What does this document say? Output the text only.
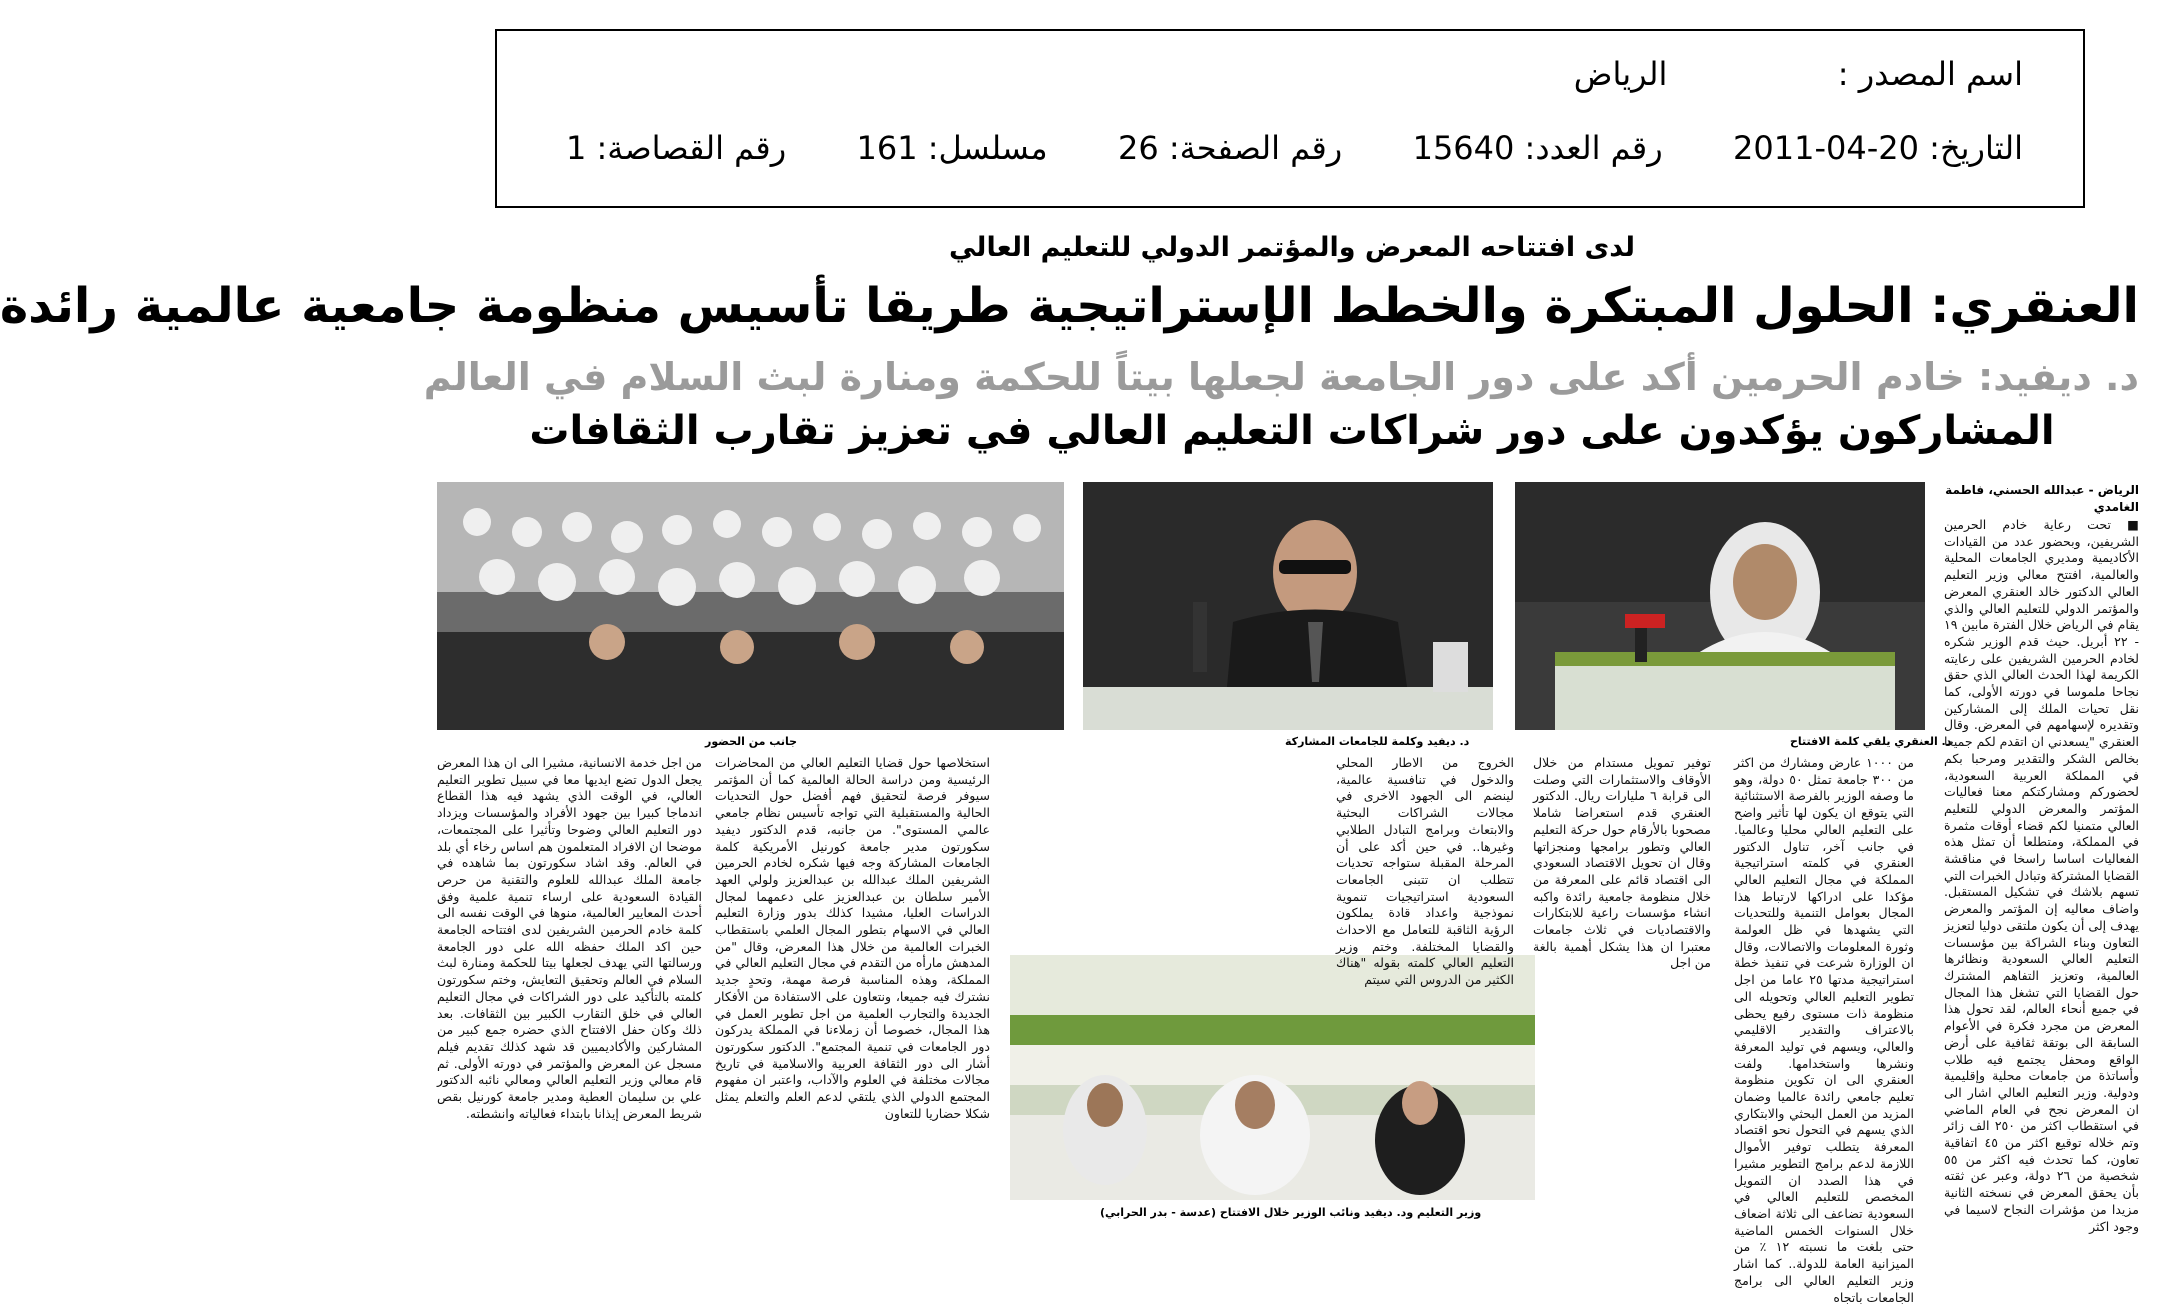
اسم المصدر :  الرياض
التاريخ: 20-04-2011  رقم العدد: 15640  رقم الصفحة: 26  مسلسل: 161  رقم القصاصة: 1
لدى افتتاحه المعرض والمؤتمر الدولي للتعليم العالي
العنقري: الحلول المبتكرة والخطط الإستراتيجية طريقا تأسيس منظومة جامعية عالمية رائدة
د. ديفيد: خادم الحرمين أكد على دور الجامعة لجعلها بيتاً للحكمة ومنارة لبث السلام في العالم
المشاركون يؤكدون على دور شراكات التعليم العالي في تعزيز تقارب الثقافات
د. العنقري يلقي كلمة الافتتاح
د. ديفيد وكلمة للجامعات المشاركة
جانب من الحضور
وزير التعليم ود. ديفيد ونائب الوزير خلال الافتتاح (عدسة - بدر الحرابي)
الرياض - عبدالله الحسني، فاطمة الغامدي

■ تحت رعاية خادم الحرمين الشريفين، وبحضور عدد من القيادات الأكاديمية ومديري الجامعات المحلية والعالمية، افتتح معالي وزير التعليم العالي الدكتور خالد العنقري المعرض والمؤتمر الدولي للتعليم العالي والذي يقام في الرياض خلال الفترة مابين ١٩ - ٢٢ أبريل. حيث قدم الوزير شكره لخادم الحرمين الشريفين على رعايته الكريمة لهذا الحدث العالي الذي حقق نجاحا ملموسا في دورته الأولى، كما نقل تحيات الملك إلى المشاركين وتقديره لإسهامهم في المعرض. وقال العنقري "يسعدني ان اتقدم لكم جميعا بخالص الشكر والتقدير ومرحبا بكم في المملكة العربية السعودية، لحضوركم ومشاركتكم معنا فعاليات المؤتمر والمعرض الدولي للتعليم العالي متمنيا لكم قضاء أوقات مثمرة في المملكة، ومتطلعا أن تمثل هذه الفعاليات اساسا راسخا في مناقشة القضايا المشتركة وتبادل الخبرات التي تسهم بلاشك في تشكيل المستقبل. واضاف معاليه إن المؤتمر والمعرض يهدف إلى أن يكون ملتقى دوليا لتعزيز التعاون وبناء الشراكة بين مؤسسات التعليم العالي السعودية ونظائرها العالمية، وتعزيز التفاهم المشترك حول القضايا التي تشغل هذا المجال في جميع أنحاء العالم، لقد تحول هذا المعرض من مجرد فكرة في الأعوام السابقة الى بوتقة ثقافية على أرض الواقع ومحفل يجتمع فيه طلاب وأساتذة من جامعات محلية وإقليمية ودولية. وزير التعليم العالي اشار الى ان المعرض نجح في العام الماضي في استقطاب اكثر من ٢٥٠ الف زائر وتم خلاله توقيع اكثر من ٤٥ اتفاقية تعاون، كما تحدث فيه اكثر من ٥٥ شخصية من ٢٦ دولة، وعبر عن ثقته بأن يحقق المعرض في نسخته الثانية مزيدا من مؤشرات النجاح لاسيما في وجود اكثر

من ١٠٠٠ عارض ومشارك من اكثر من ٣٠٠ جامعة تمثل ٥٠ دولة، وهو ما وصفه الوزير بالفرصة الاستثنائية التي يتوقع ان يكون لها تأثير واضح على التعليم العالي محليا وعالميا. في جانب آخر، تناول الدكتور العنقري في كلمته استراتيجية المملكة في مجال التعليم العالي مؤكدا على ادراكها لارتباط هذا المجال بعوامل التنمية وللتحديات التي يشهدها في ظل العولمة وثورة المعلومات والاتصالات، وقال ان الوزارة شرعت في تنفيذ خطة استراتيجية مدتها ٢٥ عاما من اجل تطوير التعليم العالي وتحويله الى منظومة ذات مستوى رفيع يحظى بالاعتراف والتقدير الاقليمي والعالي، ويسهم في توليد المعرفة ونشرها واستخدامها. ولفت العنقري الى ان تكوين منظومة تعليم جامعي رائدة عالميا وضمان المزيد من العمل البحثي والابتكاري الذي يسهم في التحول نحو اقتصاد المعرفة يتطلب توفير الأموال اللازمة لدعم برامج التطوير مشيرا في هذا الصدد ان التمويل المخصص للتعليم العالي في السعودية تضاعف الى ثلاثة اضعاف خلال السنوات الخمس الماضية حتى بلغت ما نسبته ١٢ ٪ من الميزانية العامة للدولة.. كما اشار وزير التعليم العالي الى برامج الجامعات باتجاه

توفير تمويل مستدام من خلال الأوقاف والاستثمارات التي وصلت الى قرابة ٦ مليارات ريال. الدكتور العنقري قدم استعراضا شاملا مصحوبا بالأرقام حول حركة التعليم العالي وتطور برامجها ومنجزاتها وقال ان تحويل الاقتصاد السعودي الى اقتصاد قائم على المعرفة من خلال منظومة جامعية رائدة واكبه انشاء مؤسسات راعية للابتكارات والاقتصاديات في ثلاث جامعات معتبرا ان هذا يشكل أهمية بالغة من اجل

الخروج من الاطار المحلي والدخول في تنافسية عالمية، لينضم الى الجهود الاخرى في مجالات الشراكات البحثية والابتعاث وبرامج التبادل الطلابي وغيرها.. في حين أكد على أن المرحلة المقبلة ستواجه تحديات تتطلب ان تتبنى الجامعات السعودية استراتيجيات تنموية نموذجية واعداد قادة يملكون الرؤية الثاقبة للتعامل مع الاحداث والقضايا المختلفة. وختم وزير التعليم العالي كلمته بقوله "هناك الكثير من الدروس التي سيتم

استخلاصها حول قضايا التعليم العالي من المحاضرات الرئيسية ومن دراسة الحالة العالمية كما أن المؤتمر سيوفر فرصة لتحقيق فهم أفضل حول التحديات الحالية والمستقبلية التي تواجه تأسيس نظام جامعي عالمي المستوى". من جانبه، قدم الدكتور ديفيد سكورتون مدير جامعة كورنيل الأمريكية كلمة الجامعات المشاركة وجه فيها شكره لخادم الحرمين الشريفين الملك عبدالله بن عبدالعزيز ولولي العهد الأمير سلطان بن عبدالعزيز على دعمهما لمجال الدراسات العليا، مشيدا كذلك بدور وزارة التعليم العالي في الاسهام بتطور المجال العلمي باستقطاب الخبرات العالمية من خلال هذا المعرض، وقال "من المدهش مارأه من التقدم في مجال التعليم العالي في المملكة، وهذه المناسبة فرصة مهمة، وتحدٍ جديد نشترك فيه جميعا، ونتعاون على الاستفادة من الأفكار الجديدة والتجارب العلمية من اجل تطوير العمل في هذا المجال، خصوصا أن زملاءنا في المملكة يدركون دور الجامعات في تنمية المجتمع". الدكتور سكورتون أشار الى دور الثقافة العربية والاسلامية في تاريخ مجالات مختلفة في العلوم والآداب، واعتبر ان مفهوم المجتمع الدولي الذي يلتقي لدعم العلم والتعلم يمثل شكلا حضاريا للتعاون

من اجل خدمة الانسانية، مشيرا الى ان هذا المعرض يجعل الدول تضع ايديها معا في سبيل تطوير التعليم العالي، في الوقت الذي يشهد فيه هذا القطاع اندماجا كبيرا بين جهود الأفراد والمؤسسات ويزداد دور التعليم العالي وضوحا وتأثيرا على المجتمعات، موضحا ان الافراد المتعلمون هم اساس رخاء أي بلد في العالم. وقد اشاد سكورتون بما شاهده في جامعة الملك عبدالله للعلوم والتقنية من حرص القيادة السعودية على ارساء تنمية علمية وفق أحدث المعايير العالمية، منوها في الوقت نفسه الى كلمة خادم الحرمين الشريفين لدى افتتاحه الجامعة حين اكد الملك حفظه الله على دور الجامعة ورسالتها التي يهدف لجعلها بيتا للحكمة ومنارة لبث السلام في العالم وتحقيق التعايش، وختم سكورتون كلمته بالتأكيد على دور الشراكات في مجال التعليم العالي في خلق التقارب الكبير بين الثقافات. بعد ذلك وكان حفل الافتتاح الذي حضره جمع كبير من المشاركين والأكاديميين قد شهد كذلك تقديم فيلم مسجل عن المعرض والمؤتمر في دورته الأولى. ثم قام معالي وزير التعليم العالي ومعالي نائبه الدكتور علي بن سليمان العطية ومدير جامعة كورنيل بقص شريط المعرض إيذانا بابتداء فعالياته وانشطته.
